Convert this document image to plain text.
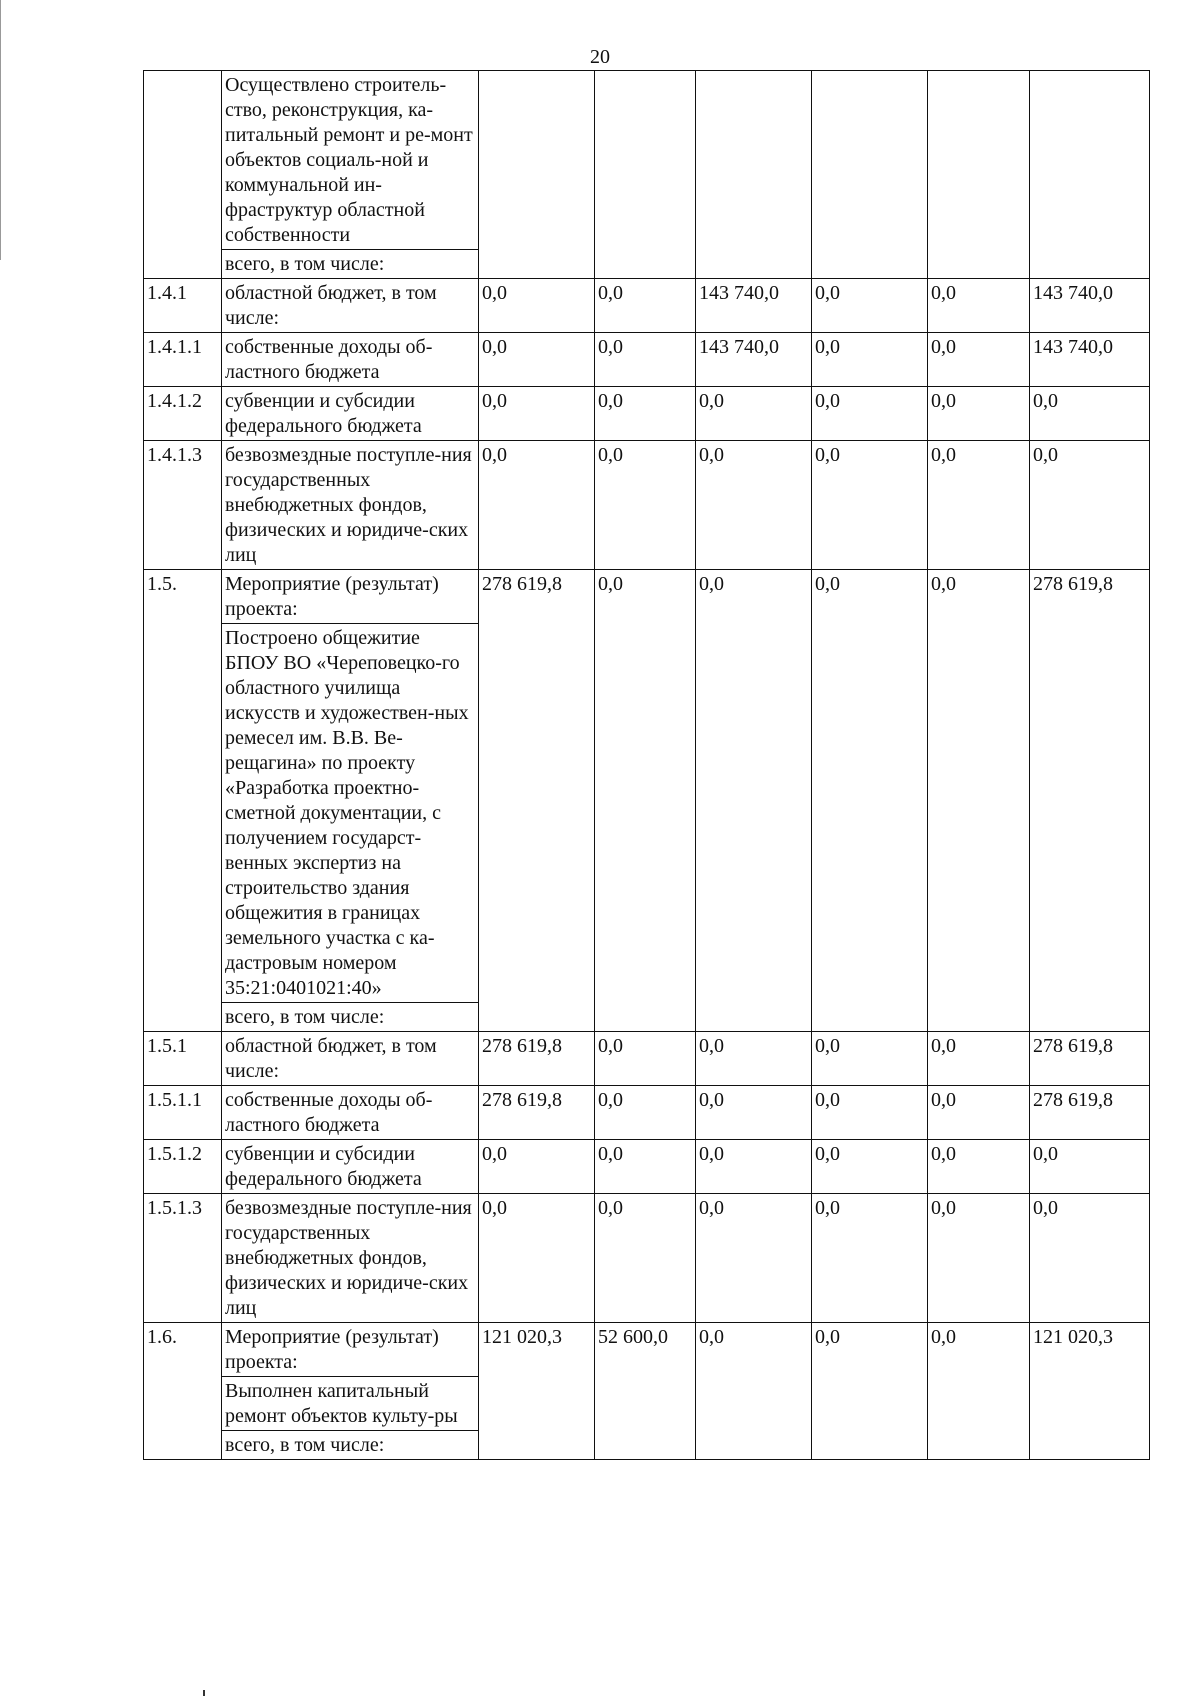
20
	Осуществлено строитель-ство, реконструкция, ка-питальный ремонт и ре-монт объектов социаль-ной и коммунальной ин-фраструктур областной собственности						
	всего, в том числе:						
1.4.1	областной бюджет, в том числе:	0,0	0,0	143 740,0	0,0	0,0	143 740,0
1.4.1.1	собственные доходы об-ластного бюджета	0,0	0,0	143 740,0	0,0	0,0	143 740,0
1.4.1.2	субвенции и субсидии федерального бюджета	0,0	0,0	0,0	0,0	0,0	0,0
1.4.1.3	безвозмездные поступле-ния государственных внебюджетных фондов, физических и юридиче-ских лиц	0,0	0,0	0,0	0,0	0,0	0,0
1.5.	Мероприятие (результат) проекта:	278 619,8	0,0	0,0	0,0	0,0	278 619,8
	Построено общежитие БПОУ ВО «Череповецко-го областного училища искусств и художествен-ных ремесел им. В.В. Ве-рещагина» по проекту «Разработка проектно-сметной документации, с получением государст-венных экспертиз на строительство здания общежития в границах земельного участка с ка-дастровым номером 35:21:0401021:40»						
	всего, в том числе:						
1.5.1	областной бюджет, в том числе:	278 619,8	0,0	0,0	0,0	0,0	278 619,8
1.5.1.1	собственные доходы об-ластного бюджета	278 619,8	0,0	0,0	0,0	0,0	278 619,8
1.5.1.2	субвенции и субсидии федерального бюджета	0,0	0,0	0,0	0,0	0,0	0,0
1.5.1.3	безвозмездные поступле-ния государственных внебюджетных фондов, физических и юридиче-ских лиц	0,0	0,0	0,0	0,0	0,0	0,0
1.6.	Мероприятие (результат) проекта:	121 020,3	52 600,0	0,0	0,0	0,0	121 020,3
	Выполнен капитальный ремонт объектов культу-ры						
	всего, в том числе:						
